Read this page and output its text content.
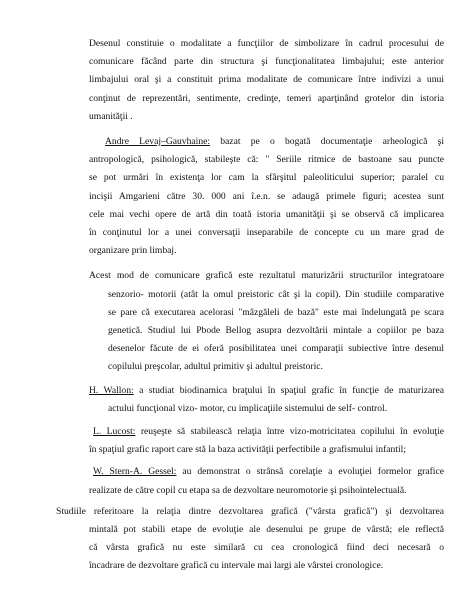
Desenul constituie o modalitate a funcţiilor de simbolizare în cadrul procesului de
comunicare făcând parte din structura şi funcţionalitatea limbajului; este anterior
limbajului oral şi a constituit prima modalitate de comunicare între indivizi a unui
conţinut de reprezentări, sentimente, credinţe, temeri aparţinând grotelor din istoria
umanităţii .
Andre Levaj–Gauvhaine: bazat pe o bogată documentaţie arheologică şi
antropologică, psihologică, stabileşte că: " Seriile ritmice de bastoane sau puncte
se pot urmări în existenţa lor cam la sfârşitul paleoliticului superior; paralel cu
incişii Amgarieni către 30. 000 ani î.e.n. se adaugă primele figuri; acestea sunt
cele mai vechi opere de artă din toată istoria umanităţii şi se observă că implicarea
în conţinutul lor a unei conversaţii inseparabile de concepte cu un mare grad de
organizare prin limbaj.
Acest mod de comunicare grafică este rezultatul maturizării structurilor integratoare
senzorio- motorii (atât la omul preistoric cât şi la copil). Din studiile comparative
se pare că executarea acelorasi "mâzgăleli de bază" este mai îndelungată pe scara
genetică. Studiul lui Pbode Bellog asupra dezvoltării mintale a copiilor pe baza
desenelor făcute de ei oferă posibilitatea unei comparaţii subiective între desenul
copilului preşcolar, adultul primitiv şi adultul preistoric.
H. Wallon: a studiat biodinamica braţului în spaţiul grafic în funcţie de maturizarea
actului funcţional vizo- motor, cu implicaţiile sistemului de self- control.
L. Lucost: reuşeşte să stabilească relaţia între vizo-motricitatea copilului în evoluţie
în spaţiul grafic raport care stă la baza activităţii perfectibile a grafismului infantil;
W. Stern-A. Gessel: au demonstrat o strânsă corelaţie a evoluţiei formelor grafice
realizate de către copil cu etapa sa de dezvoltare neuromotorie şi psihointelectuală.
Studiile referitoare la relaţia dintre dezvoltarea grafică ("vârsta grafică") şi dezvoltarea
mintală pot stabili etape de evoluţie ale desenului pe grupe de vârstă; ele reflectă
că vârsta grafică nu este similară cu cea cronologică fiind deci necesară o
încadrare de dezvoltare grafică cu intervale mai largi ale vârstei cronologice.
